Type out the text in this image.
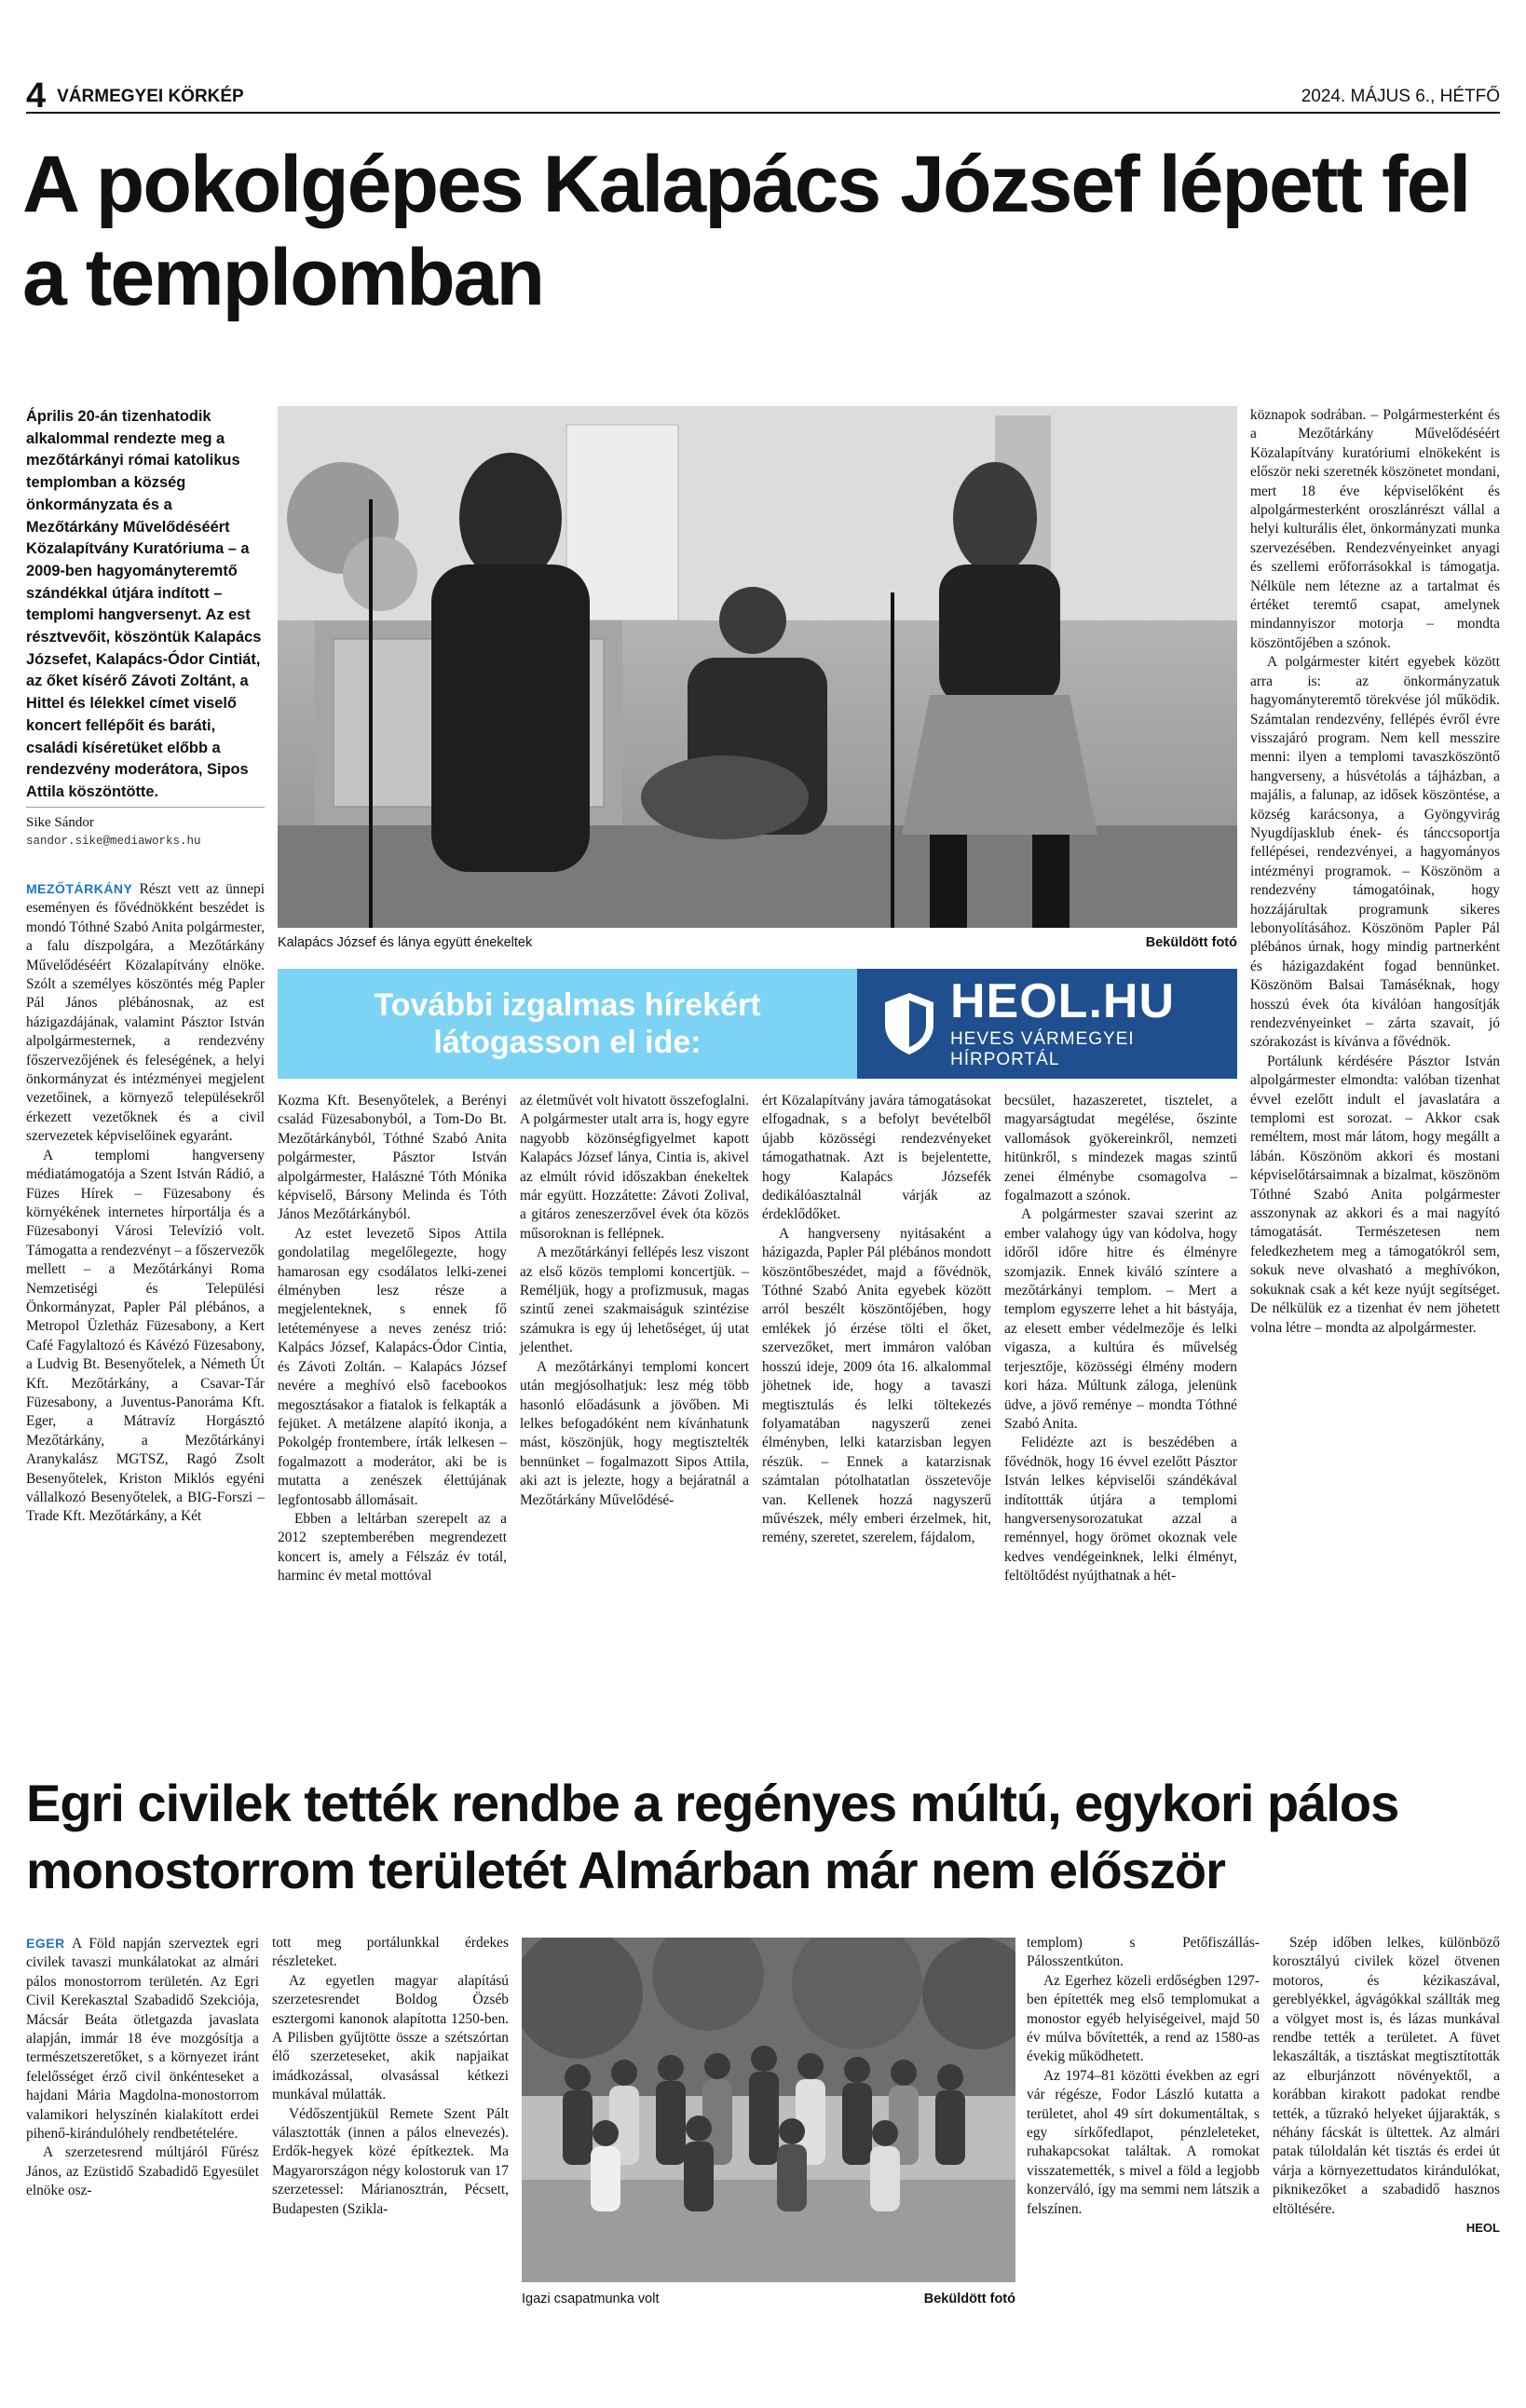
4 VÁRMEGYEI KÖRKÉP	2024. MÁJUS 6., HÉTFŐ
A pokolgépes Kalapács József lépett fel a templomban
Április 20-án tizenhatodik alkalommal rendezte meg a mezőtárkányi római katolikus templomban a község önkormányzata és a Mezőtárkány Művelődéséért Közalapítvány Kuratóriuma – a 2009-ben hagyományteremtő szándékkal útjára indított – templomi hangversenyt. Az est résztvevőit, köszöntük Kalapács Józsefet, Kalapács-Ódor Cintiát, az őket kísérő Závoti Zoltánt, a Hittel és lélekkel címet viselő koncert fellépőit és baráti, családi kíséretüket előbb a rendezvény moderátora, Sipos Attila köszöntötte.
Sike Sándor
sandor.sike@mediaworks.hu
Kalapács József és lánya együtt énekeltek	Beküldött fotó
További izgalmas hírekért látogasson el ide:
HEOL.HU
HEVES VÁRMEGYEI HÍRPORTÁL

MEZŐTÁRKÁNY Részt vett az ünnepi eseményen és fővédnökként beszédet is mondó Tóthné Szabó Anita polgármester, a falu díszpolgára, a Mezőtárkány Művelődéséért Közalapítvány elnöke. Szólt a személyes köszöntés még Papler Pál János plébánosnak, az est házigazdájának, valamint Pásztor István alpolgármesternek, a rendezvény főszervezőjének és feleségének, a helyi önkormányzat és intézményei megjelent vezetőinek, a környező településekről érkezett vezetőknek és a civil szervezetek képviselőinek egyaránt.

A templomi hangverseny médiatámogatója a Szent István Rádió, a Füzes Hírek – Füzesabony és környékének internetes hírportálja és a Füzesabonyi Városi Televízió volt. Támogatta a rendezvényt – a főszervezők mellett – a Mezőtárkányi Roma Nemzetiségi és Települési Önkormányzat, Papler Pál plébános, a Metropol Üzletház Füzesabony, a Kert Café Fagylaltozó és Kávézó Füzesabony, a Ludvig Bt. Besenyőtelek, a Németh Út Kft. Mezőtárkány, a Csavar-Tár Füzesabony, a Juventus-Panoráma Kft. Eger, a Mátravíz Horgásztó Mezőtárkány, a Mezőtárkányi Aranykalász MGTSZ, Ragó Zsolt Besenyőtelek, Kriston Miklós egyéni vállalkozó Besenyőtelek, a BIG-Forszi – Trade Kft. Mezőtárkány, a Két

Kozma Kft. Besenyőtelek, a Berényi család Füzesabonyból, a Tom-Do Bt. Mezőtárkányból, Tóthné Szabó Anita polgármester, Pásztor István alpolgármester, Halászné Tóth Mónika képviselő, Bársony Melinda és Tóth János Mezőtárkányból.

Az estet levezető Sipos Attila gondolatilag megelőlegezte, hogy hamarosan egy csodálatos lelki-zenei élményben lesz része a megjelenteknek, s ennek fő letéteményese a neves zenész trió: Kalpács József, Kalapács-Ódor Cintia, és Závoti Zoltán. – Kalapács József nevére a meghívó elsõ facebookos megosztásakor a fiatalok is felkapták a fejüket. A metálzene alapító ikonja, a Pokolgép frontembere, írták lelkesen – fogalmazott a moderátor, aki be is mutatta a zenészek élettújának legfontosabb állomásait.

Ebben a leltárban szerepelt az a 2012 szeptemberében megrendezett koncert is, amely a Félszáz év totál, harminc év metal mottóval

az életművét volt hivatott összefoglalni. A polgármester utalt arra is, hogy egyre nagyobb közönségfigyelmet kapott Kalapács József lánya, Cintia is, akivel az elmúlt róvid időszakban énekeltek már együtt. Hozzátette: Závoti Zolival, a gitáros zeneszerzővel évek óta közös műsoroknan is fellépnek.

A mezőtárkányi fellépés lesz viszont az első közös templomi koncertjük. – Reméljük, hogy a profizmusuk, magas szintű zenei szakmaiságuk szintézise számukra is egy új lehetőséget, új utat jelenthet.

A mezőtárkányi templomi koncert után megjósolhatjuk: lesz még több hasonló előadásunk a jövőben. Mi lelkes befogadóként nem kívánhatunk mást, köszönjük, hogy megtisztelték bennünket – fogalmazott Sipos Attila, aki azt is jelezte, hogy a bejáratnál a Mezőtárkány Művelődésé-

ért Közalapítvány javára támogatásokat elfogadnak, s a befolyt bevételből újabb közösségi rendezvényeket támogathatnak. Azt is bejelentette, hogy Kalapács Józsefék dedikálóasztalnál várják az érdeklődőket.

A hangverseny nyitásaként a házigazda, Papler Pál plébános mondott köszöntőbeszédet, majd a fővédnök, Tóthné Szabó Anita egyebek között arról beszélt köszöntőjében, hogy emlékek jó érzése tölti el őket, szervezőket, mert immáron valóban hosszú ideje, 2009 óta 16. alkalommal jöhetnek ide, hogy a tavaszi megtisztulás és lelki töltekezés folyamatában nagyszerű zenei élményben, lelki katarzisban legyen részük. – Ennek a katarzisnak számtalan pótolhatatlan összetevője van. Kellenek hozzá nagyszerű művészek, mély emberi érzelmek, hit, remény, szeretet, szerelem, fájdalom,

becsület, hazaszeretet, tisztelet, a magyarságtudat megélése, őszinte vallomások gyökereinkről, nemzeti hitünkről, s mindezek magas szintű zenei élménybe csomagolva – fogalmazott a szónok.

A polgármester szavai szerint az ember valahogy úgy van kódolva, hogy időről időre hitre és élményre szomjazik. Ennek kiváló színtere a mezőtárkányi templom. – Mert a templom egyszerre lehet a hit bástyája, az elesett ember védelmezője és lelki vigasza, a kultúra és művelség terjesztője, közösségi élmény modern kori háza. Múltunk záloga, jelenünk üdve, a jövő reménye – mondta Tóthné Szabó Anita.

Felidézte azt is beszédében a fővédnök, hogy 16 évvel ezelőtt Pásztor István lelkes képviselői szándékával indítottták útjára a templomi hangversenysorozatukat azzal a reménnyel, hogy örömet okoznak vele kedves vendégeinknek, lelki élményt, feltöltődést nyújthatnak a hét-

köznapok sodrában. – Polgármesterként és a Mezőtárkány Művelődéséért Közalapítvány kuratóriumi elnökeként is először neki szeretnék köszönetet mondani, mert 18 éve képviselőként és alpolgármesterként oroszlánrészt vállal a helyi kulturális élet, önkormányzati munka szervezésében. Rendezvényeinket anyagi és szellemi erőforrásokkal is támogatja. Nélküle nem létezne az a tartalmat és értéket teremtő csapat, amelynek mindannyiszor motorja – mondta köszöntőjében a szónok.

A polgármester kitért egyebek között arra is: az önkormányzatuk hagyományteremtő törekvése jól működik. Számtalan rendezvény, fellépés évről évre visszajáró program. Nem kell messzire menni: ilyen a templomi tavaszköszöntő hangverseny, a húsvétolás a tájházban, a majális, a falunap, az idősek köszöntése, a község karácsonya, a Gyöngyvirág Nyugdíjasklub ének- és tánccsoportja fellépései, rendezvényei, a hagyományos intézményi programok. – Köszönöm a rendezvény támogatóinak, hogy hozzájárultak programunk sikeres lebonyolításához. Köszönöm Papler Pál plébános úrnak, hogy mindig partnerként és házigazdaként fogad bennünket. Köszönöm Balsai Tamáséknak, hogy hosszú évek óta kiválóan hangosítják rendezvényeinket – zárta szavait, jó szórakozást is kívánva a fővédnök.

Portálunk kérdésére Pásztor István alpolgármester elmondta: valóban tizenhat évvel ezelőtt indult el javaslatára a templomi est sorozat. – Akkor csak reméltem, most már látom, hogy megállt a lábán. Köszönöm akkori és mostani képviselőtársaimnak a bizalmat, köszönöm Tóthné Szabó Anita polgármester asszonynak az akkori és a mai nagyító támogatását. Természetesen nem feledkezhetem meg a támogatókról sem, sokuk neve olvasható a meghívókon, sokuknak csak a két keze nyújt segítséget. De nélkülük ez a tizenhat év nem jöhetett volna létre – mondta az alpolgármester.

Egri civilek tették rendbe a regényes múltú, egykori pálos monostorrom területét Almárban már nem először

EGER A Föld napján szerveztek egri civilek tavaszi munkálatokat az almári pálos monostorrom területén. Az Egri Civil Kerekasztal Szabadidő Szekciója, Mácsár Beáta ötletgazda javaslata alapján, immár 18 éve mozgósítja a természetszeretőket, s a környezet iránt felelősséget érző civil önkénteseket a hajdani Mária Magdolna-monostorrom valamikori helyszínén kialakított erdei pihenő-kirándulóhely rendbetételére.

A szerzetesrend múltjáról Fűrész János, az Ezüstidő Szabadidő Egyesület elnöke osz-

tott meg portálunkkal érdekes részleteket.

Az egyetlen magyar alapítású szerzetesrendet Boldog Özséb esztergomi kanonok alapította 1250-ben. A Pilisben gyűjtötte össze a szétszórtan élő szerzeteseket, akik napjaikat imádkozással, olvasással kétkezi munkával múlatták.

Védőszentjükül Remete Szent Pált választották (innen a pálos elnevezés). Erdők-hegyek közé építkeztek. Ma Magyarországon négy kolostoruk van 17 szerzetessel: Márianosztrán, Pécsett, Budapesten (Szikla-

Igazi csapatmunka volt	Beküldött fotó

templom) s Petőfiszállás-Pálosszentkúton.

Az Egerhez közeli erdőségben 1297-ben építették meg első templomukat a monostor egyéb helyiségeivel, majd 50 év múlva bővítették, a rend az 1580-as évekig működhetett.

Az 1974–81 közötti években az egri vár régésze, Fodor László kutatta a területet, ahol 49 sírt dokumentáltak, s egy sírkőfedlapot, pénzleleteket, ruhakapcsokat találtak. A romokat visszatemették, s mivel a föld a legjobb konzerváló, így ma semmi nem látszik a felszínen.

Szép időben lelkes, különböző korosztályú civilek közel ötvenen motoros, és kézikaszával, gereblyékkel, ágvágókkal szállták meg a völgyet most is, és lázas munkával rendbe tették a területet. A füvet lekaszálták, a tisztáskat megtisztították az elburjánzott növényektől, a korábban kirakott padokat rendbe tették, a tűzrakó helyeket újjarakták, s néhány fácskát is ültettek. Az almári patak túloldalán két tisztás és erdei út várja a környezettudatos kirándulókat, piknikezőket a szabadidő hasznos eltöltésére.

HEOL
